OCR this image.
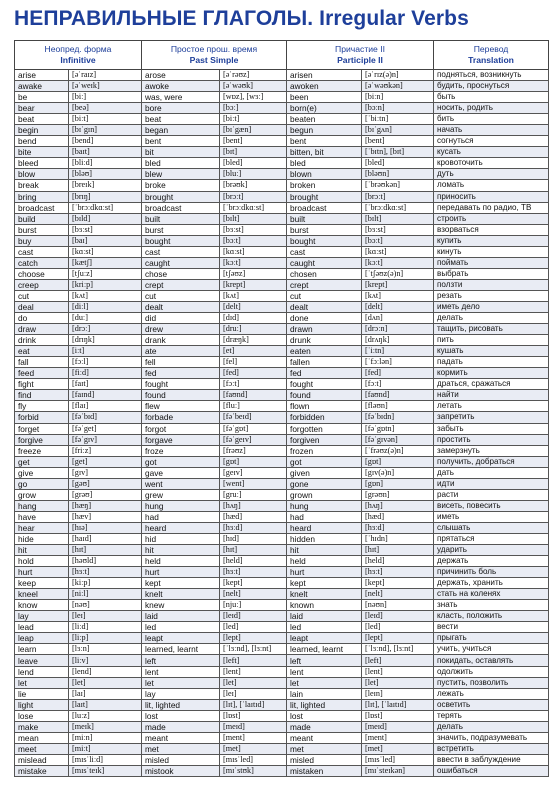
НЕПРАВИЛЬНЫЕ ГЛАГОЛЫ. Irregular Verbs
Неопред. форма
Infinitive		Простое прош. время
Past Simple		Причастие II
Participle II		Перевод
Translation

arise	[əˈraɪz]	arose	[əˈrəʊz]	arisen	[əˈrɪz(ə)n]	подняться, возникнуть
awake	[əˈweɪk]	awoke	[əˈwəʊk]	awoken	[əˈwəʊkən]	будить, проснуться
be	[biː]	was, were	[wɒz], [wɜː]	been	[biːn]	быть
bear	[beə]	bore	[bɔː]	born(e)	[bɔːn]	носить, родить
beat	[biːt]	beat	[biːt]	beaten	[ˈbiːtn]	бить
begin	[bɪˈgɪn]	began	[bɪˈgæn]	begun	[bɪˈgʌn]	начать
bend	[bend]	bent	[bent]	bent	[bent]	согнуться
bite	[baɪt]	bit	[bɪt]	bitten, bit	[ˈbɪtn], [bɪt]	кусать
bleed	[bliːd]	bled	[bled]	bled	[bled]	кровоточить
blow	[bləʊ]	blew	[bluː]	blown	[bləʊn]	дуть
break	[breɪk]	broke	[brəʊk]	broken	[ˈbrəʊkən]	ломать
bring	[brɪŋ]	brought	[brɔːt]	brought	[brɔːt]	приносить
broadcast	[ˈbrɔːdkɑːst]	broadcast	[ˈbrɔːdkɑːst]	broadcast	[ˈbrɔːdkɑːst]	передавать по радио, ТВ
build	[bɪld]	built	[bɪlt]	built	[bɪlt]	строить
burst	[bɜːst]	burst	[bɜːst]	burst	[bɜːst]	взорваться
buy	[baɪ]	bought	[bɔːt]	bought	[bɔːt]	купить
cast	[kɑːst]	cast	[kɑːst]	cast	[kɑːst]	кинуть
catch	[kætʃ]	caught	[kɔːt]	caught	[kɔːt]	поймать
choose	[tʃuːz]	chose	[tʃəʊz]	chosen	[ˈtʃəʊz(ə)n]	выбрать
creep	[kriːp]	crept	[krept]	crept	[krept]	ползти
cut	[kʌt]	cut	[kʌt]	cut	[kʌt]	резать
deal	[diːl]	dealt	[delt]	dealt	[delt]	иметь дело
do	[duː]	did	[dɪd]	done	[dʌn]	делать
draw	[drɔː]	drew	[druː]	drawn	[drɔːn]	тащить, рисовать
drink	[drɪŋk]	drank	[dræŋk]	drunk	[drʌŋk]	пить
eat	[iːt]	ate	[et]	eaten	[ˈiːtn]	кушать
fall	[fɔːl]	fell	[fel]	fallen	[ˈfɔːlən]	падать
feed	[fiːd]	fed	[fed]	fed	[fed]	кормить
fight	[faɪt]	fought	[fɔːt]	fought	[fɔːt]	драться, сражаться
find	[faɪnd]	found	[faʊnd]	found	[faʊnd]	найти
fly	[flaɪ]	flew	[fluː]	flown	[fləʊn]	летать
forbid	[fəˈbɪd]	forbade	[fəˈbeɪd]	forbidden	[fəˈbɪdn]	запретить
forget	[fəˈget]	forgot	[fəˈgɒt]	forgotten	[fəˈgɒtn]	забыть
forgive	[fəˈgɪv]	forgave	[fəˈgeɪv]	forgiven	[fəˈgɪvən]	простить
freeze	[friːz]	froze	[frəʊz]	frozen	[ˈfrəʊz(ə)n]	замерзнуть
get	[get]	got	[gɒt]	got	[gɒt]	получить, добраться
give	[gɪv]	gave	[geɪv]	given	[gɪv(ə)n]	дать
go	[gəʊ]	went	[went]	gone	[gɒn]	идти
grow	[grəʊ]	grew	[gruː]	grown	[grəʊn]	расти
hang	[hæŋ]	hung	[hʌŋ]	hung	[hʌŋ]	висеть, повесить
have	[hæv]	had	[hæd]	had	[hæd]	иметь
hear	[hɪə]	heard	[hɜːd]	heard	[hɜːd]	слышать
hide	[haɪd]	hid	[hɪd]	hidden	[ˈhɪdn]	прятаться
hit	[hɪt]	hit	[hɪt]	hit	[hɪt]	ударить
hold	[həʊld]	held	[held]	held	[held]	держать
hurt	[hɜːt]	hurt	[hɜːt]	hurt	[hɜːt]	причинить боль
keep	[kiːp]	kept	[kept]	kept	[kept]	держать, хранить
kneel	[niːl]	knelt	[nelt]	knelt	[nelt]	стать на коленях
know	[nəʊ]	knew	[njuː]	known	[nəʊn]	знать
lay	[leɪ]	laid	[leɪd]	laid	[leɪd]	класть, положить
lead	[liːd]	led	[led]	led	[led]	вести
leap	[liːp]	leapt	[lept]	leapt	[lept]	прыгать
learn	[lɜːn]	learned, learnt	[ˈlɜːnd], [lɜːnt]	learned, learnt	[ˈlɜːnd], [lɜːnt]	учить, учиться
leave	[liːv]	left	[left]	left	[left]	покидать, оставлять
lend	[lend]	lent	[lent]	lent	[lent]	одолжить
let	[let]	let	[let]	let	[let]	пустить, позволить
lie	[laɪ]	lay	[leɪ]	lain	[leɪn]	лежать
light	[laɪt]	lit, lighted	[lɪt], [ˈlaɪtɪd]	lit, lighted	[lɪt], [ˈlaɪtɪd]	осветить
lose	[luːz]	lost	[lɒst]	lost	[lɒst]	терять
make	[meɪk]	made	[meɪd]	made	[meɪd]	делать
mean	[miːn]	meant	[ment]	meant	[ment]	значить, подразумевать
meet	[miːt]	met	[met]	met	[met]	встретить
mislead	[mɪsˈliːd]	misled	[mɪsˈled]	misled	[mɪsˈled]	ввести в заблуждение
mistake	[mɪsˈteɪk]	mistook	[mɪˈstʊk]	mistaken	[mɪˈsteɪkən]	ошибаться
